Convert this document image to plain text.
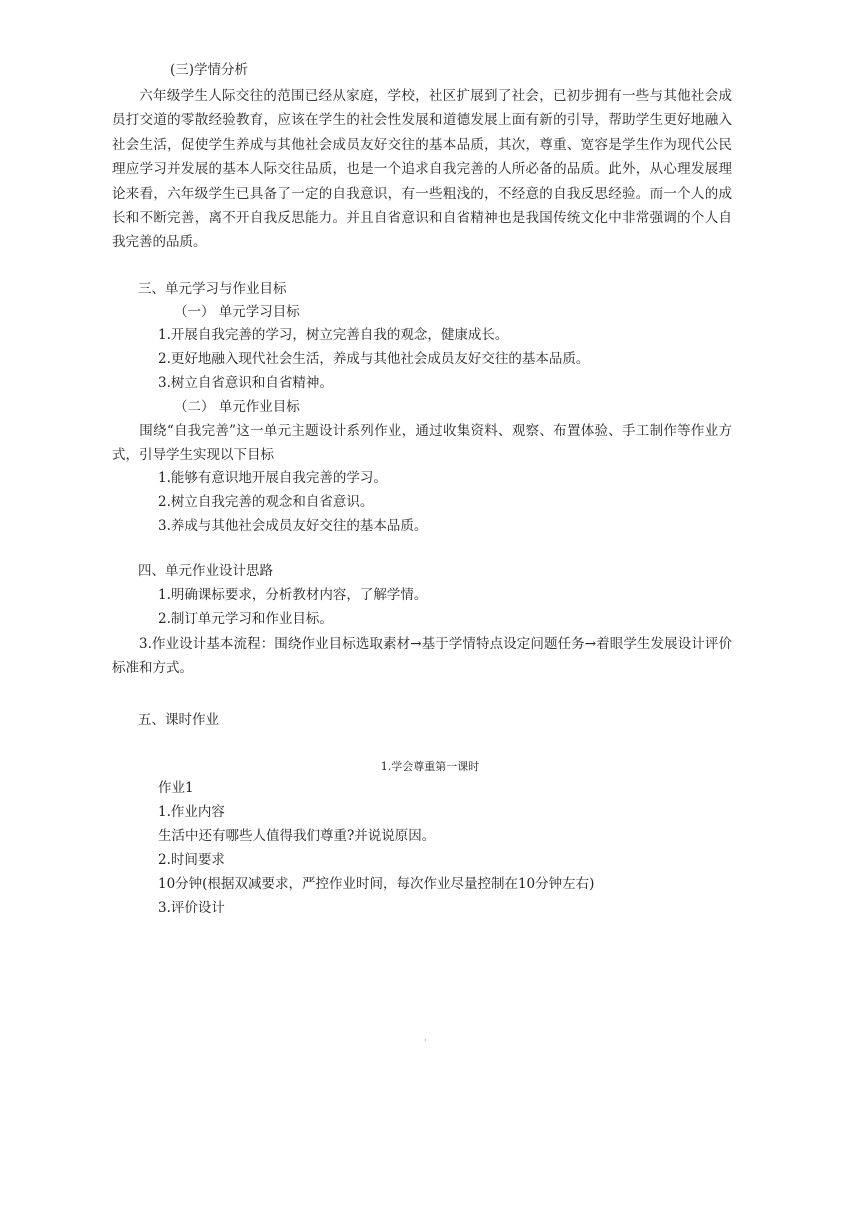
(三)学情分析
六年级学生人际交往的范围已经从家庭，学校，社区扩展到了社会，已初步拥有一些与其他社会成员打交道的零散经验教育，应该在学生的社会性发展和道德发展上面有新的引导，帮助学生更好地融入社会生活，促使学生养成与其他社会成员友好交往的基本品质，其次，尊重、宽容是学生作为现代公民理应学习并发展的基本人际交往品质，也是一个追求自我完善的人所必备的品质。此外，从心理发展理论来看，六年级学生已具备了一定的自我意识，有一些粗浅的，不经意的自我反思经验。而一个人的成长和不断完善，离不开自我反思能力。并且自省意识和自省精神也是我国传统文化中非常强调的个人自我完善的品质。
三、单元学习与作业目标
（一） 单元学习目标
1.开展自我完善的学习，树立完善自我的观念，健康成长。
2.更好地融入现代社会生活，养成与其他社会成员友好交往的基本品质。
3.树立自省意识和自省精神。
（二） 单元作业目标
围绕“自我完善”这一单元主题设计系列作业，通过收集资料、观察、布置体验、手工制作等作业方式，引导学生实现以下目标
1.能够有意识地开展自我完善的学习。
2.树立自我完善的观念和自省意识。
3.养成与其他社会成员友好交往的基本品质。
四、单元作业设计思路
1.明确课标要求，分析教材内容，了解学情。
2.制订单元学习和作业目标。
3.作业设计基本流程：围绕作业目标选取素材→基于学情特点设定问题任务→着眼学生发展设计评价标准和方式。
五、课时作业
1.学会尊重第一课时
作业1
1.作业内容
生活中还有哪些人值得我们尊重?并说说原因。
2.时间要求
10分钟(根据双减要求，严控作业时间，每次作业尽量控制在10分钟左右)
3.评价设计
·
